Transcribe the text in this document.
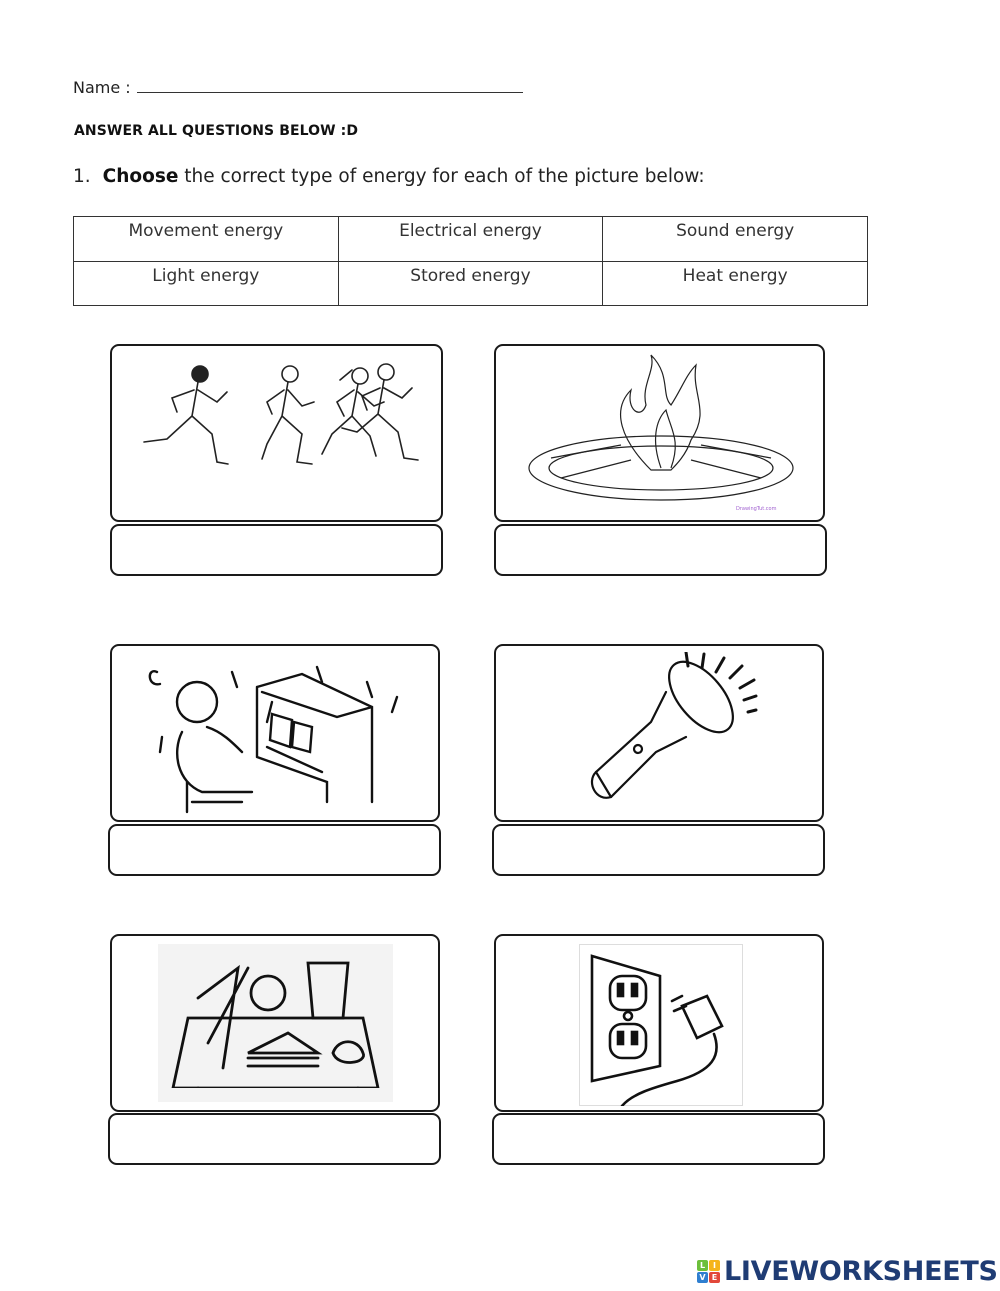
Name :
ANSWER ALL QUESTIONS BELOW :D
1. Choose the correct type of energy for each of the picture below:
Movement energy	Electrical energy	Sound energy
Light energy	Stored energy	Heat energy
DrawingTut.com
L I
V E LIVEWORKSHEETS
